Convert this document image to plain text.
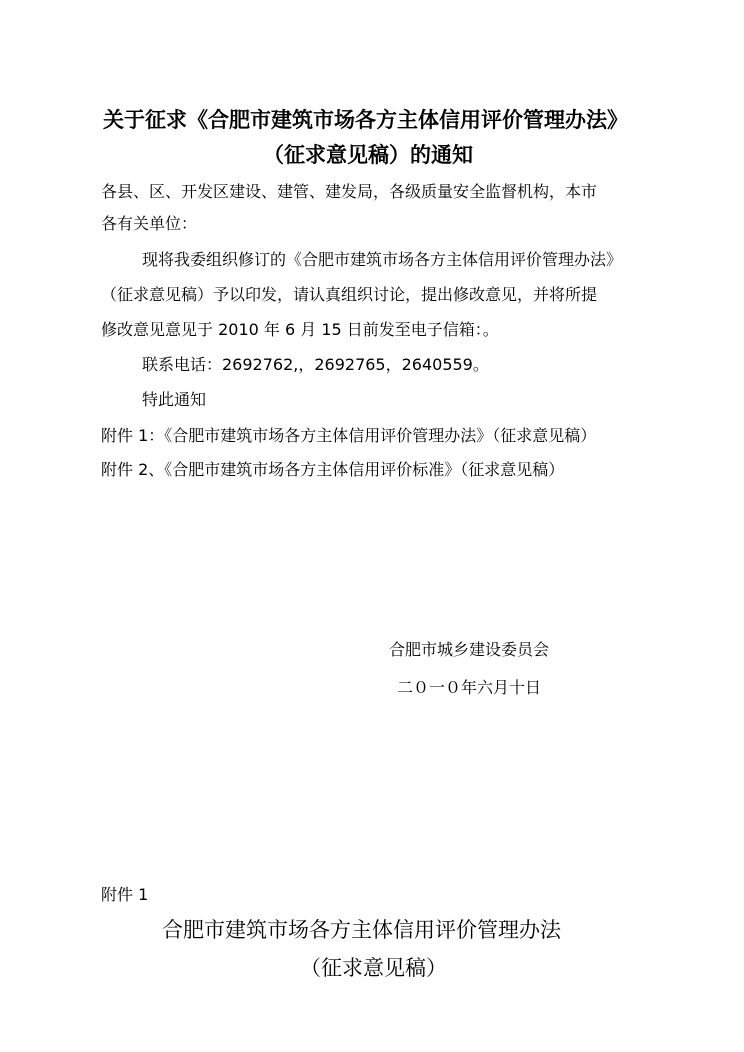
关于征求《合肥市建筑市场各方主体信用评价管理办法》
（征求意见稿）的通知
各县、区、开发区建设、建管、建发局，各级质量安全监督机构，本市
各有关单位：
现将我委组织修订的《合肥市建筑市场各方主体信用评价管理办法》
（征求意见稿）予以印发，请认真组织讨论，提出修改意见，并将所提
修改意见意见于 2010 年 6 月 15 日前发至电子信箱：。
联系电话：2692762,，2692765，2640559。
特此通知
附件 1：《合肥市建筑市场各方主体信用评价管理办法》（征求意见稿）
附件 2、《合肥市建筑市场各方主体信用评价标准》（征求意见稿）
合肥市城乡建设委员会
二０一０年六月十日
附件 1
合肥市建筑市场各方主体信用评价管理办法
（征求意见稿）
